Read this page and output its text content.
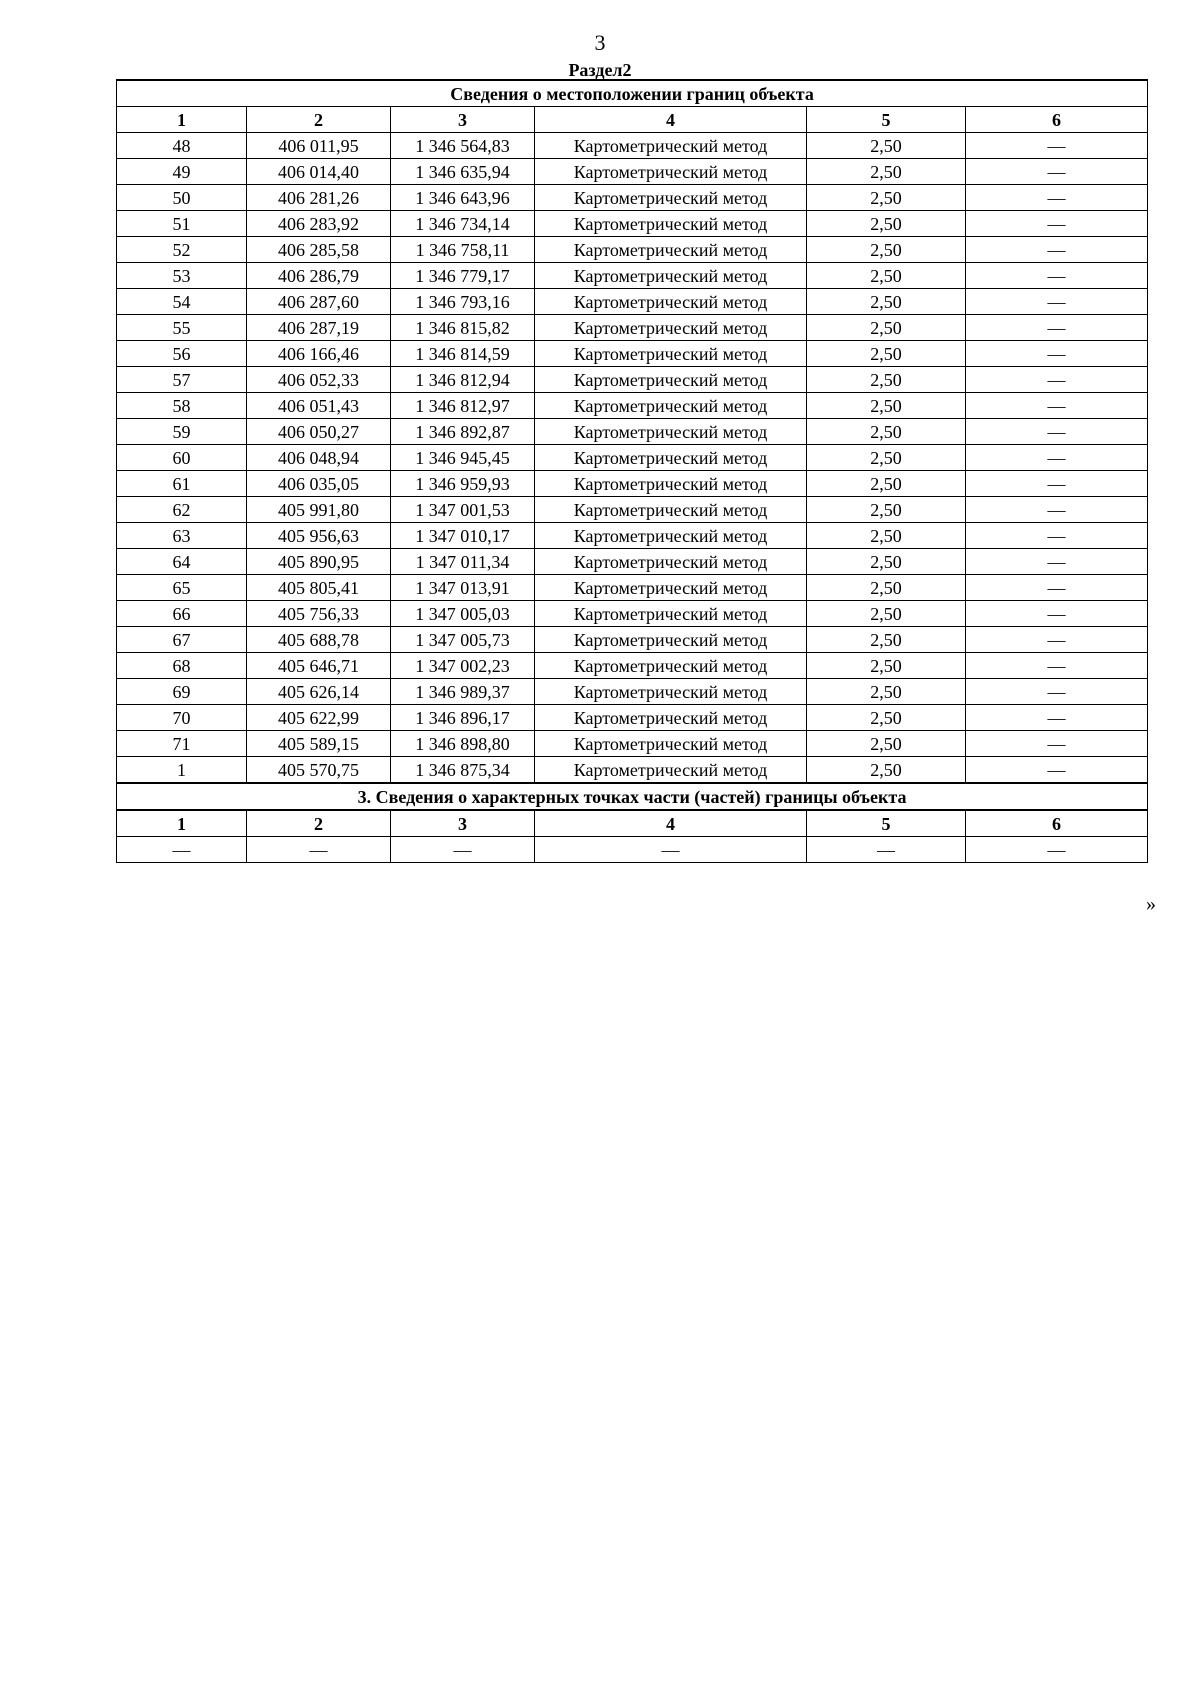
3
Раздел2
Сведения о местоположении границ объекта					
1	2	3	4	5	6
48	406 011,95	1 346 564,83	Картометрический метод	2,50	—
49	406 014,40	1 346 635,94	Картометрический метод	2,50	—
50	406 281,26	1 346 643,96	Картометрический метод	2,50	—
51	406 283,92	1 346 734,14	Картометрический метод	2,50	—
52	406 285,58	1 346 758,11	Картометрический метод	2,50	—
53	406 286,79	1 346 779,17	Картометрический метод	2,50	—
54	406 287,60	1 346 793,16	Картометрический метод	2,50	—
55	406 287,19	1 346 815,82	Картометрический метод	2,50	—
56	406 166,46	1 346 814,59	Картометрический метод	2,50	—
57	406 052,33	1 346 812,94	Картометрический метод	2,50	—
58	406 051,43	1 346 812,97	Картометрический метод	2,50	—
59	406 050,27	1 346 892,87	Картометрический метод	2,50	—
60	406 048,94	1 346 945,45	Картометрический метод	2,50	—
61	406 035,05	1 346 959,93	Картометрический метод	2,50	—
62	405 991,80	1 347 001,53	Картометрический метод	2,50	—
63	405 956,63	1 347 010,17	Картометрический метод	2,50	—
64	405 890,95	1 347 011,34	Картометрический метод	2,50	—
65	405 805,41	1 347 013,91	Картометрический метод	2,50	—
66	405 756,33	1 347 005,03	Картометрический метод	2,50	—
67	405 688,78	1 347 005,73	Картометрический метод	2,50	—
68	405 646,71	1 347 002,23	Картометрический метод	2,50	—
69	405 626,14	1 346 989,37	Картометрический метод	2,50	—
70	405 622,99	1 346 896,17	Картометрический метод	2,50	—
71	405 589,15	1 346 898,80	Картометрический метод	2,50	—
1	405 570,75	1 346 875,34	Картометрический метод	2,50	—
3. Сведения о характерных точках части (частей) границы объекта					
1	2	3	4	5	6
—	—	—	—	—	—
»
